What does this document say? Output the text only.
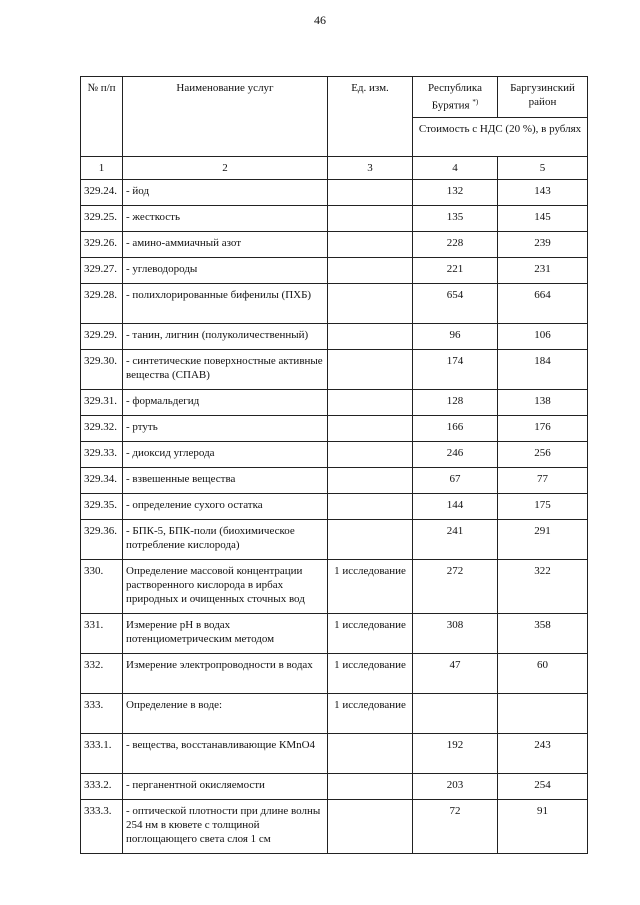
46
№ п/п	Наименование услуг	Ед. изм.	Республика Бурятия *)	Баргузинский район
			Стоимость с НДС (20 %), в рублях	
1	2	3	4	5
329.24.	- йод		132	143
329.25.	- жесткость		135	145
329.26.	- амино-аммиачный азот		228	239
329.27.	- углеводороды		221	231
329.28.	- полихлорированные бифенилы (ПХБ)		654	664
329.29.	- танин, лигнин (полуколичественный)		96	106
329.30.	- синтетические поверхностные активные вещества (СПАВ)		174	184
329.31.	- формальдегид		128	138
329.32.	- ртуть		166	176
329.33.	- диоксид углерода		246	256
329.34.	- взвешенные вещества		67	77
329.35.	- определение сухого остатка		144	175
329.36.	- БПК-5, БПК-поли (биохимическое потребление кислорода)		241	291
330.	Определение массовой концентрации растворенного кислорода в ирбах природных и очищенных сточных вод	1 исследование	272	322
331.	Измерение рН в водах потенциометрическим методом	1 исследование	308	358
332.	Измерение электропроводности в водах	1 исследование	47	60
333.	Определение в воде:	1 исследование		
333.1.	- вещества, восстанавливающие КМnО4		192	243
333.2.	- перганентной окисляемости		203	254
333.3.	- оптической плотности при длине волны 254 нм в кювете с толщиной поглощающего света слоя 1 см		72	91
